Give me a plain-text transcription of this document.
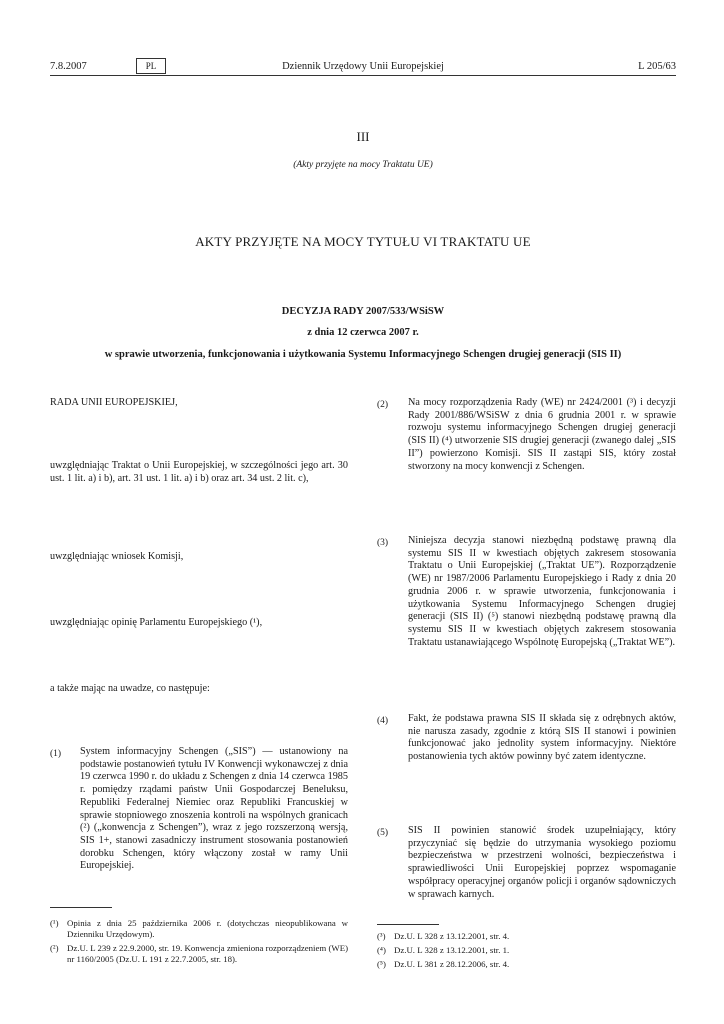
7.8.2007	PL	Dziennik Urzędowy Unii Europejskiej	L 205/63
III
(Akty przyjęte na mocy Traktatu UE)
AKTY PRZYJĘTE NA MOCY TYTUŁU VI TRAKTATU UE
DECYZJA RADY 2007/533/WSiSW
z dnia 12 czerwca 2007 r.
w sprawie utworzenia, funkcjonowania i użytkowania Systemu Informacyjnego Schengen drugiej generacji (SIS II)
RADA UNII EUROPEJSKIEJ,
uwzględniając Traktat o Unii Europejskiej, w szczególności jego art. 30 ust. 1 lit. a) i b), art. 31 ust. 1 lit. a) i b) oraz art. 34 ust. 2 lit. c),
uwzględniając wniosek Komisji,
uwzględniając opinię Parlamentu Europejskiego (¹),
a także mając na uwadze, co następuje:
(1) System informacyjny Schengen („SIS”) — ustanowiony na podstawie postanowień tytułu IV Konwencji wykonawczej z dnia 19 czerwca 1990 r. do układu z Schengen z dnia 14 czerwca 1985 r. pomiędzy rządami państw Unii Gospodarczej Beneluksu, Republiki Federalnej Niemiec oraz Republiki Francuskiej w sprawie stopniowego znoszenia kontroli na wspólnych granicach (²) („konwencja z Schengen”), wraz z jego rozszerzoną wersją, SIS 1+, stanowi zasadniczy instrument stosowania postanowień dorobku Schengen, który włączony został w ramy Unii Europejskiej.
(¹) Opinia z dnia 25 października 2006 r. (dotychczas nieopublikowana w Dzienniku Urzędowym).
(²) Dz.U. L 239 z 22.9.2000, str. 19. Konwencja zmieniona rozporządzeniem (WE) nr 1160/2005 (Dz.U. L 191 z 22.7.2005, str. 18).
(2) Na mocy rozporządzenia Rady (WE) nr 2424/2001 (³) i decyzji Rady 2001/886/WSiSW z dnia 6 grudnia 2001 r. w sprawie rozwoju systemu informacyjnego Schengen drugiej generacji (SIS II) (⁴) utworzenie SIS drugiej generacji (zwanego dalej „SIS II”) powierzono Komisji. SIS II zastąpi SIS, który został stworzony na mocy konwencji z Schengen.
(3) Niniejsza decyzja stanowi niezbędną podstawę prawną dla systemu SIS II w kwestiach objętych zakresem stosowania Traktatu o Unii Europejskiej („Traktat UE”). Rozporządzenie (WE) nr 1987/2006 Parlamentu Europejskiego i Rady z dnia 20 grudnia 2006 r. w sprawie utworzenia, funkcjonowania i użytkowania Systemu Informacyjnego Schengen drugiej generacji (SIS II) (⁵) stanowi niezbędną podstawę prawną dla systemu SIS II w kwestiach objętych zakresem stosowania Traktatu ustanawiającego Wspólnotę Europejską („Traktat WE”).
(4) Fakt, że podstawa prawna SIS II składa się z odrębnych aktów, nie narusza zasady, zgodnie z którą SIS II stanowi i powinien funkcjonować jako jednolity system informacyjny. Niektóre postanowienia tych aktów powinny być zatem identyczne.
(5) SIS II powinien stanowić środek uzupełniający, który przyczyniać się będzie do utrzymania wysokiego poziomu bezpieczeństwa w przestrzeni wolności, bezpieczeństwa i sprawiedliwości Unii Europejskiej poprzez wspomaganie współpracy operacyjnej organów policji i organów sądowniczych w sprawach karnych.
(³) Dz.U. L 328 z 13.12.2001, str. 4.
(⁴) Dz.U. L 328 z 13.12.2001, str. 1.
(⁵) Dz.U. L 381 z 28.12.2006, str. 4.
